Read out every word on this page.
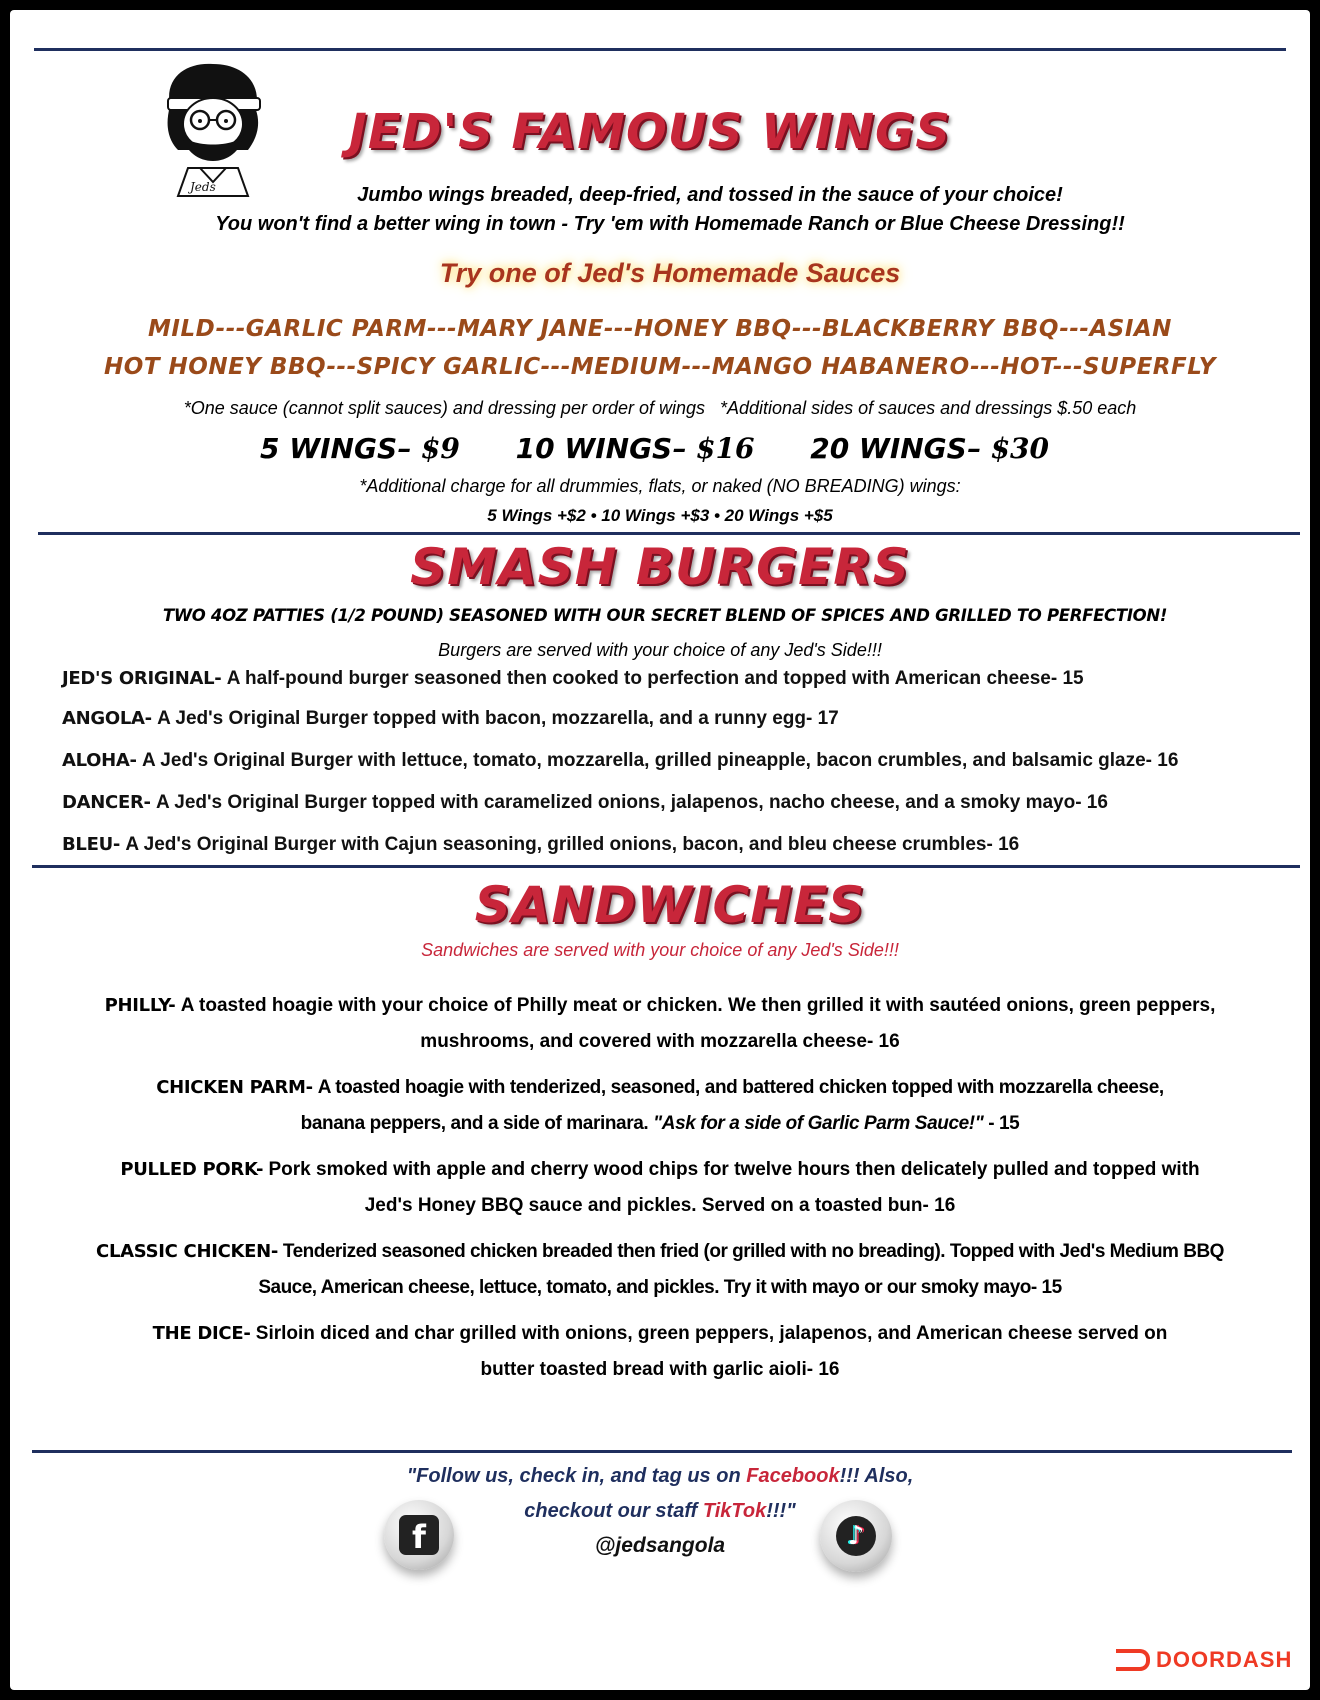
Jeds
JED'S FAMOUS WINGS
Jumbo wings breaded, deep-fried, and tossed in the sauce of your choice!
You won't find a better wing in town - Try 'em with Homemade Ranch or Blue Cheese Dressing!!
Try one of Jed's Homemade Sauces
MILD---GARLIC PARM---MARY JANE---HONEY BBQ---BLACKBERRY BBQ---ASIAN
HOT HONEY BBQ---SPICY GARLIC---MEDIUM---MANGO HABANERO---HOT---SUPERFLY
*One sauce (cannot split sauces) and dressing per order of wings   *Additional sides of sauces and dressings $.50 each
5 WINGS– $9 10 WINGS– $16 20 WINGS– $30
*Additional charge for all drummies, flats, or naked (NO BREADING) wings:
5 Wings +$2 • 10 Wings +$3 • 20 Wings +$5
SMASH BURGERS
TWO 4OZ PATTIES (1/2 POUND) SEASONED WITH OUR SECRET BLEND OF SPICES AND GRILLED TO PERFECTION!
Burgers are served with your choice of any Jed's Side!!!
JED'S ORIGINAL- A half-pound burger seasoned then cooked to perfection and topped with American cheese- 15
ANGOLA- A Jed's Original Burger topped with bacon, mozzarella, and a runny egg- 17
ALOHA- A Jed's Original Burger with lettuce, tomato, mozzarella, grilled pineapple, bacon crumbles, and balsamic glaze- 16
DANCER- A Jed's Original Burger topped with caramelized onions, jalapenos, nacho cheese, and a smoky mayo- 16
BLEU- A Jed's Original Burger with Cajun seasoning, grilled onions, bacon, and bleu cheese crumbles- 16
SANDWICHES
Sandwiches are served with your choice of any Jed's Side!!!
PHILLY- A toasted hoagie with your choice of Philly meat or chicken. We then grilled it with sautéed onions, green peppers,
mushrooms, and covered with mozzarella cheese- 16
CHICKEN PARM- A toasted hoagie with tenderized, seasoned, and battered chicken topped with mozzarella cheese,
banana peppers, and a side of marinara. "Ask for a side of Garlic Parm Sauce!" - 15
PULLED PORK- Pork smoked with apple and cherry wood chips for twelve hours then delicately pulled and topped with
Jed's Honey BBQ sauce and pickles. Served on a toasted bun- 16
CLASSIC CHICKEN- Tenderized seasoned chicken breaded then fried (or grilled with no breading). Topped with Jed's Medium BBQ
Sauce, American cheese, lettuce, tomato, and pickles. Try it with mayo or our smoky mayo- 15
THE DICE- Sirloin diced and char grilled with onions, green peppers, jalapenos, and American cheese served on
butter toasted bread with garlic aioli- 16
"Follow us, check in, and tag us on Facebook!!! Also,
checkout our staff TikTok!!!"
@jedsangola
f	♪
DOORDASH
